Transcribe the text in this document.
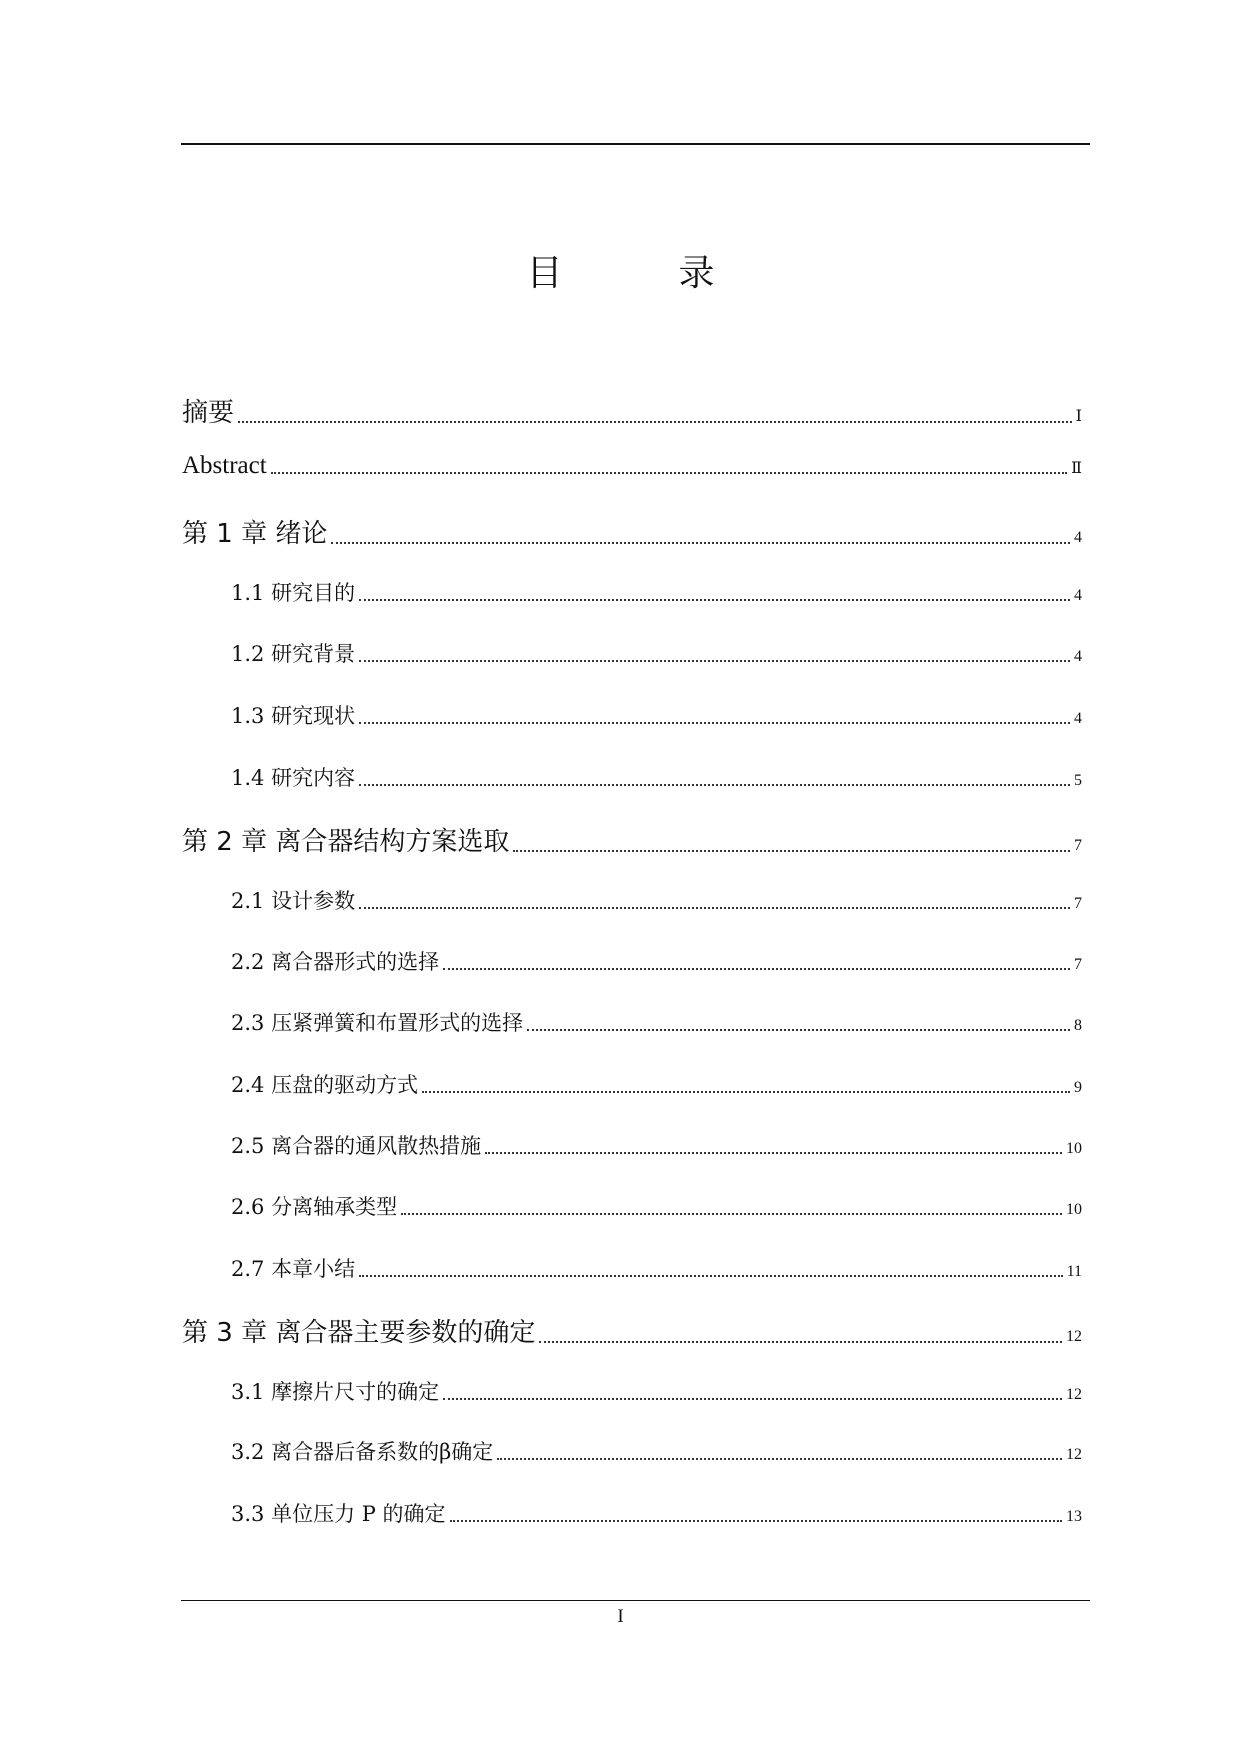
目　录
摘要	Ⅰ
Abstract	Ⅱ
第 1 章 绪论	4
1.1 研究目的	4
1.2 研究背景	4
1.3 研究现状	4
1.4 研究内容	5
第 2 章 离合器结构方案选取	7
2.1 设计参数	7
2.2 离合器形式的选择	7
2.3 压紧弹簧和布置形式的选择	8
2.4 压盘的驱动方式	9
2.5 离合器的通风散热措施	10
2.6 分离轴承类型	10
2.7 本章小结	11
第 3 章 离合器主要参数的确定	12
3.1 摩擦片尺寸的确定	12
3.2 离合器后备系数的β确定	12
3.3 单位压力 P 的确定	13
I
